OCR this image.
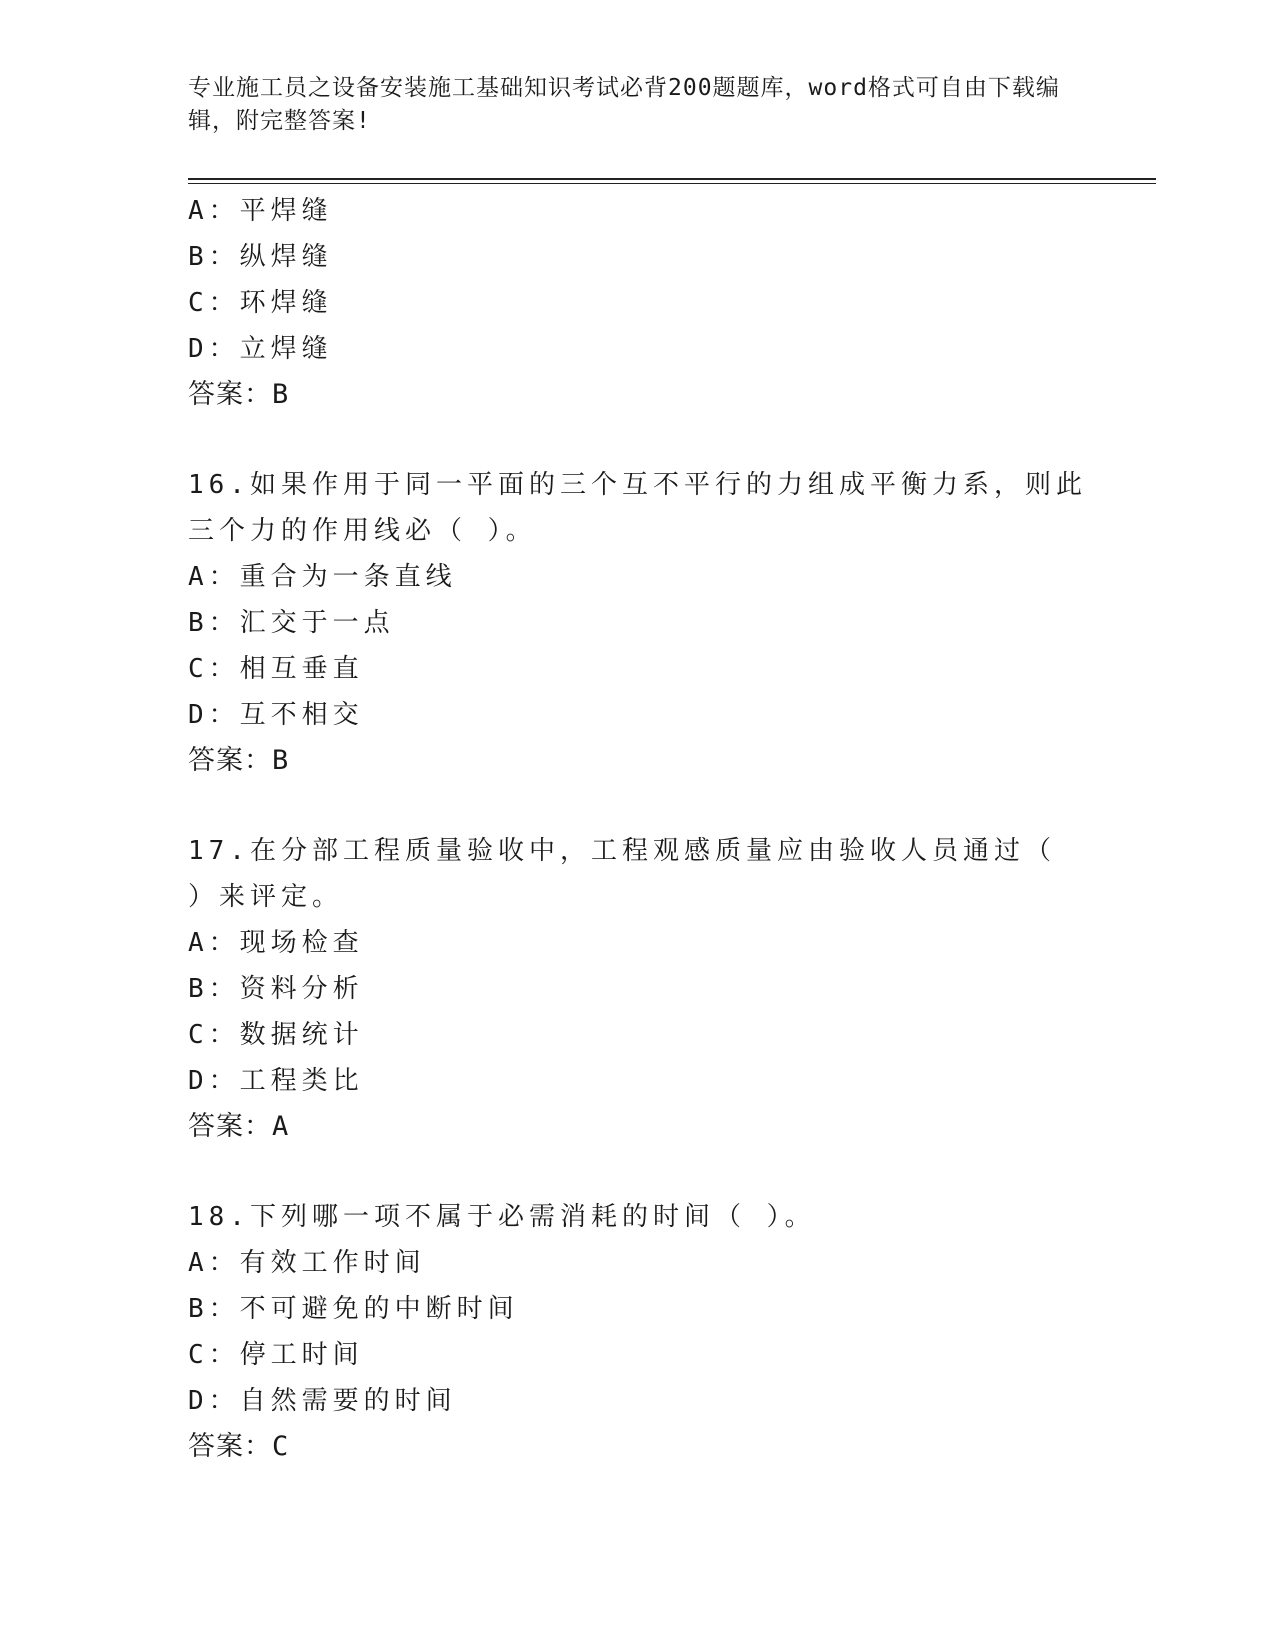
专业施工员之设备安装施工基础知识考试必背200题题库，word格式可自由下载编辑，附完整答案!
A：平焊缝
B：纵焊缝
C：环焊缝
D：立焊缝
答案：B
16.如果作用于同一平面的三个互不平行的力组成平衡力系，则此三个力的作用线必（ ）。
A：重合为一条直线
B：汇交于一点
C：相互垂直
D：互不相交
答案：B
17.在分部工程质量验收中，工程观感质量应由验收人员通过（ ）来评定。
A：现场检查
B：资料分析
C：数据统计
D：工程类比
答案：A
18.下列哪一项不属于必需消耗的时间（ ）。
A：有效工作时间
B：不可避免的中断时间
C：停工时间
D：自然需要的时间
答案：C
